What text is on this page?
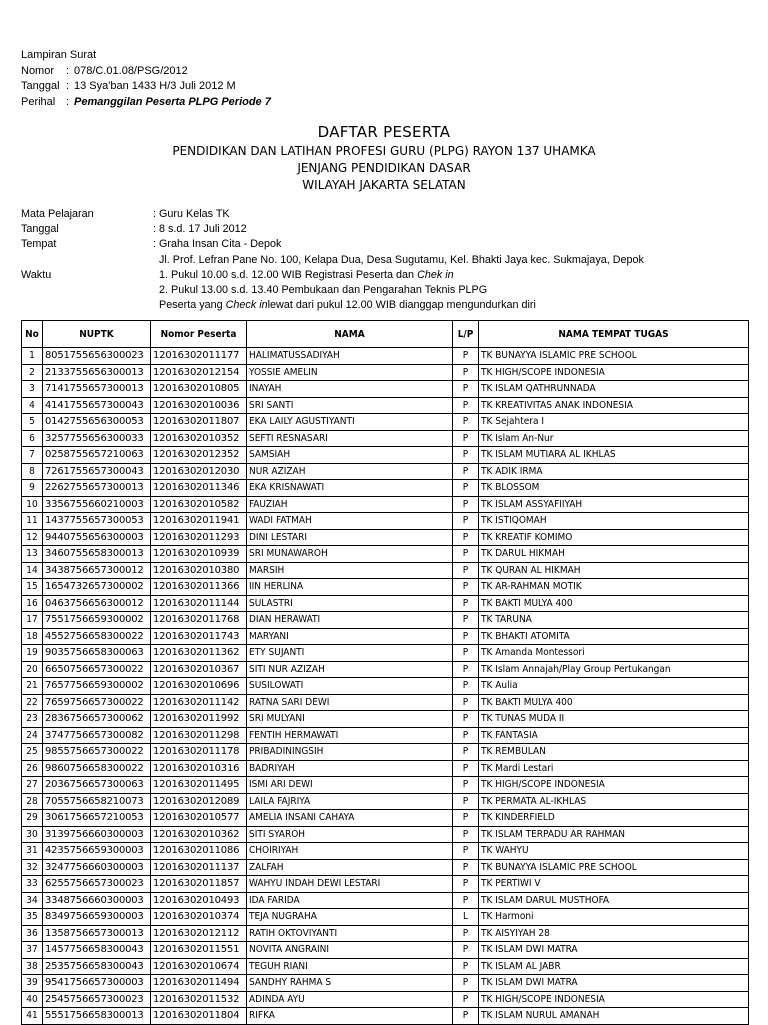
Lampiran Surat
Nomor : 078/C.01.08/PSG/2012
Tanggal : 13 Sya'ban 1433 H/3 Juli 2012 M
Perihal : Pemanggilan Peserta PLPG Periode 7
DAFTAR PESERTA
PENDIDIKAN DAN LATIHAN PROFESI GURU (PLPG) RAYON 137 UHAMKA
JENJANG PENDIDIKAN DASAR
WILAYAH JAKARTA SELATAN
Mata Pelajaran	: Guru Kelas TK
Tanggal	: 8 s.d. 17 Juli 2012
Tempat	: Graha Insan Cita - Depok
Jl. Prof. Lefran Pane No. 100, Kelapa Dua, Desa Sugutamu, Kel. Bhakti Jaya kec. Sukmajaya, Depok
Waktu	1. Pukul 10.00 s.d. 12.00 WIB Registrasi Peserta dan Chek in
2. Pukul 13.00 s.d. 13.40 Pembukaan dan Pengarahan Teknis PLPG
Peserta yang Check inlewat dari pukul 12.00 WIB dianggap mengundurkan diri
No	NUPTK	Nomor Peserta	NAMA	L/P	NAMA TEMPAT TUGAS
1	8051755656300023	12016302011177	HALIMATUSSADIYAH	P	TK BUNAYYA ISLAMIC PRE SCHOOL
2	2133755656300013	12016302012154	YOSSIE AMELIN	P	TK HIGH/SCOPE INDONESIA
3	7141755657300013	12016302010805	INAYAH	P	TK ISLAM QATHRUNNADA
4	4141755657300043	12016302010036	SRI SANTI	P	TK KREATIVITAS ANAK INDONESIA
5	0142755656300053	12016302011807	EKA LAILY AGUSTIYANTI	P	TK Sejahtera I
6	3257755656300033	12016302010352	SEFTI RESNASARI	P	TK Islam An-Nur
7	0258755657210063	12016302012352	SAMSIAH	P	TK ISLAM MUTIARA AL IKHLAS
8	7261755657300043	12016302012030	NUR AZIZAH	P	TK ADIK IRMA
9	2262755657300013	12016302011346	EKA KRISNAWATI	P	TK BLOSSOM
10	3356755660210003	12016302010582	FAUZIAH	P	TK ISLAM ASSYAFIIYAH
11	1437755657300053	12016302011941	WADI FATMAH	P	TK ISTIQOMAH
12	9440755656300003	12016302011293	DINI LESTARI	P	TK KREATIF KOMIMO
13	3460755658300013	12016302010939	SRI MUNAWAROH	P	TK DARUL HIKMAH
14	3438756657300012	12016302010380	MARSIH	P	TK QURAN AL HIKMAH
15	1654732657300002	12016302011366	IIN HERLINA	P	TK AR-RAHMAN MOTIK
16	0463756656300012	12016302011144	SULASTRI	P	TK BAKTI MULYA 400
17	7551756659300002	12016302011768	DIAN HERAWATI	P	TK TARUNA
18	4552756658300022	12016302011743	MARYANI	P	TK BHAKTI ATOMITA
19	9035756658300063	12016302011362	ETY SUJANTI	P	TK Amanda Montessori
20	6650756657300022	12016302010367	SITI NUR AZIZAH	P	TK Islam Annajah/Play Group Pertukangan
21	7657756659300002	12016302010696	SUSILOWATI	P	TK Aulia
22	7659756657300022	12016302011142	RATNA SARI DEWI	P	TK BAKTI MULYA 400
23	2836756657300062	12016302011992	SRI MULYANI	P	TK TUNAS MUDA II
24	3747756657300082	12016302011298	FENTIH HERMAWATI	P	TK FANTASIA
25	9855756657300022	12016302011178	PRIBADININGSIH	P	TK REMBULAN
26	9860756658300022	12016302010316	BADRIYAH	P	TK Mardi Lestari
27	2036756657300063	12016302011495	ISMI ARI DEWI	P	TK HIGH/SCOPE INDONESIA
28	7055756658210073	12016302012089	LAILA FAJRIYA	P	TK PERMATA AL-IKHLAS
29	3061756657210053	12016302010577	AMELIA INSANI CAHAYA	P	TK KINDERFIELD
30	3139756660300003	12016302010362	SITI SYAROH	P	TK ISLAM TERPADU AR RAHMAN
31	4235756659300003	12016302011086	CHOIRIYAH	P	TK WAHYU
32	3247756660300003	12016302011137	ZALFAH	P	TK BUNAYYA ISLAMIC PRE SCHOOL
33	6255756657300023	12016302011857	WAHYU INDAH DEWI LESTARI	P	TK PERTIWI V
34	3348756660300003	12016302010493	IDA FARIDA	P	TK ISLAM DARUL MUSTHOFA
35	8349756659300003	12016302010374	TEJA NUGRAHA	L	TK Harmoni
36	1358756657300013	12016302012112	RATIH OKTOVIYANTI	P	TK AISYIYAH 28
37	1457756658300043	12016302011551	NOVITA ANGRAINI	P	TK ISLAM DWI MATRA
38	2535756658300043	12016302010674	TEGUH RIANI	P	TK ISLAM AL JABR
39	9541756657300003	12016302011494	SANDHY RAHMA S	P	TK ISLAM DWI MATRA
40	2545756657300023	12016302011532	ADINDA AYU	P	TK HIGH/SCOPE INDONESIA
41	5551756658300013	12016302011804	RIFKA	P	TK ISLAM NURUL AMANAH
